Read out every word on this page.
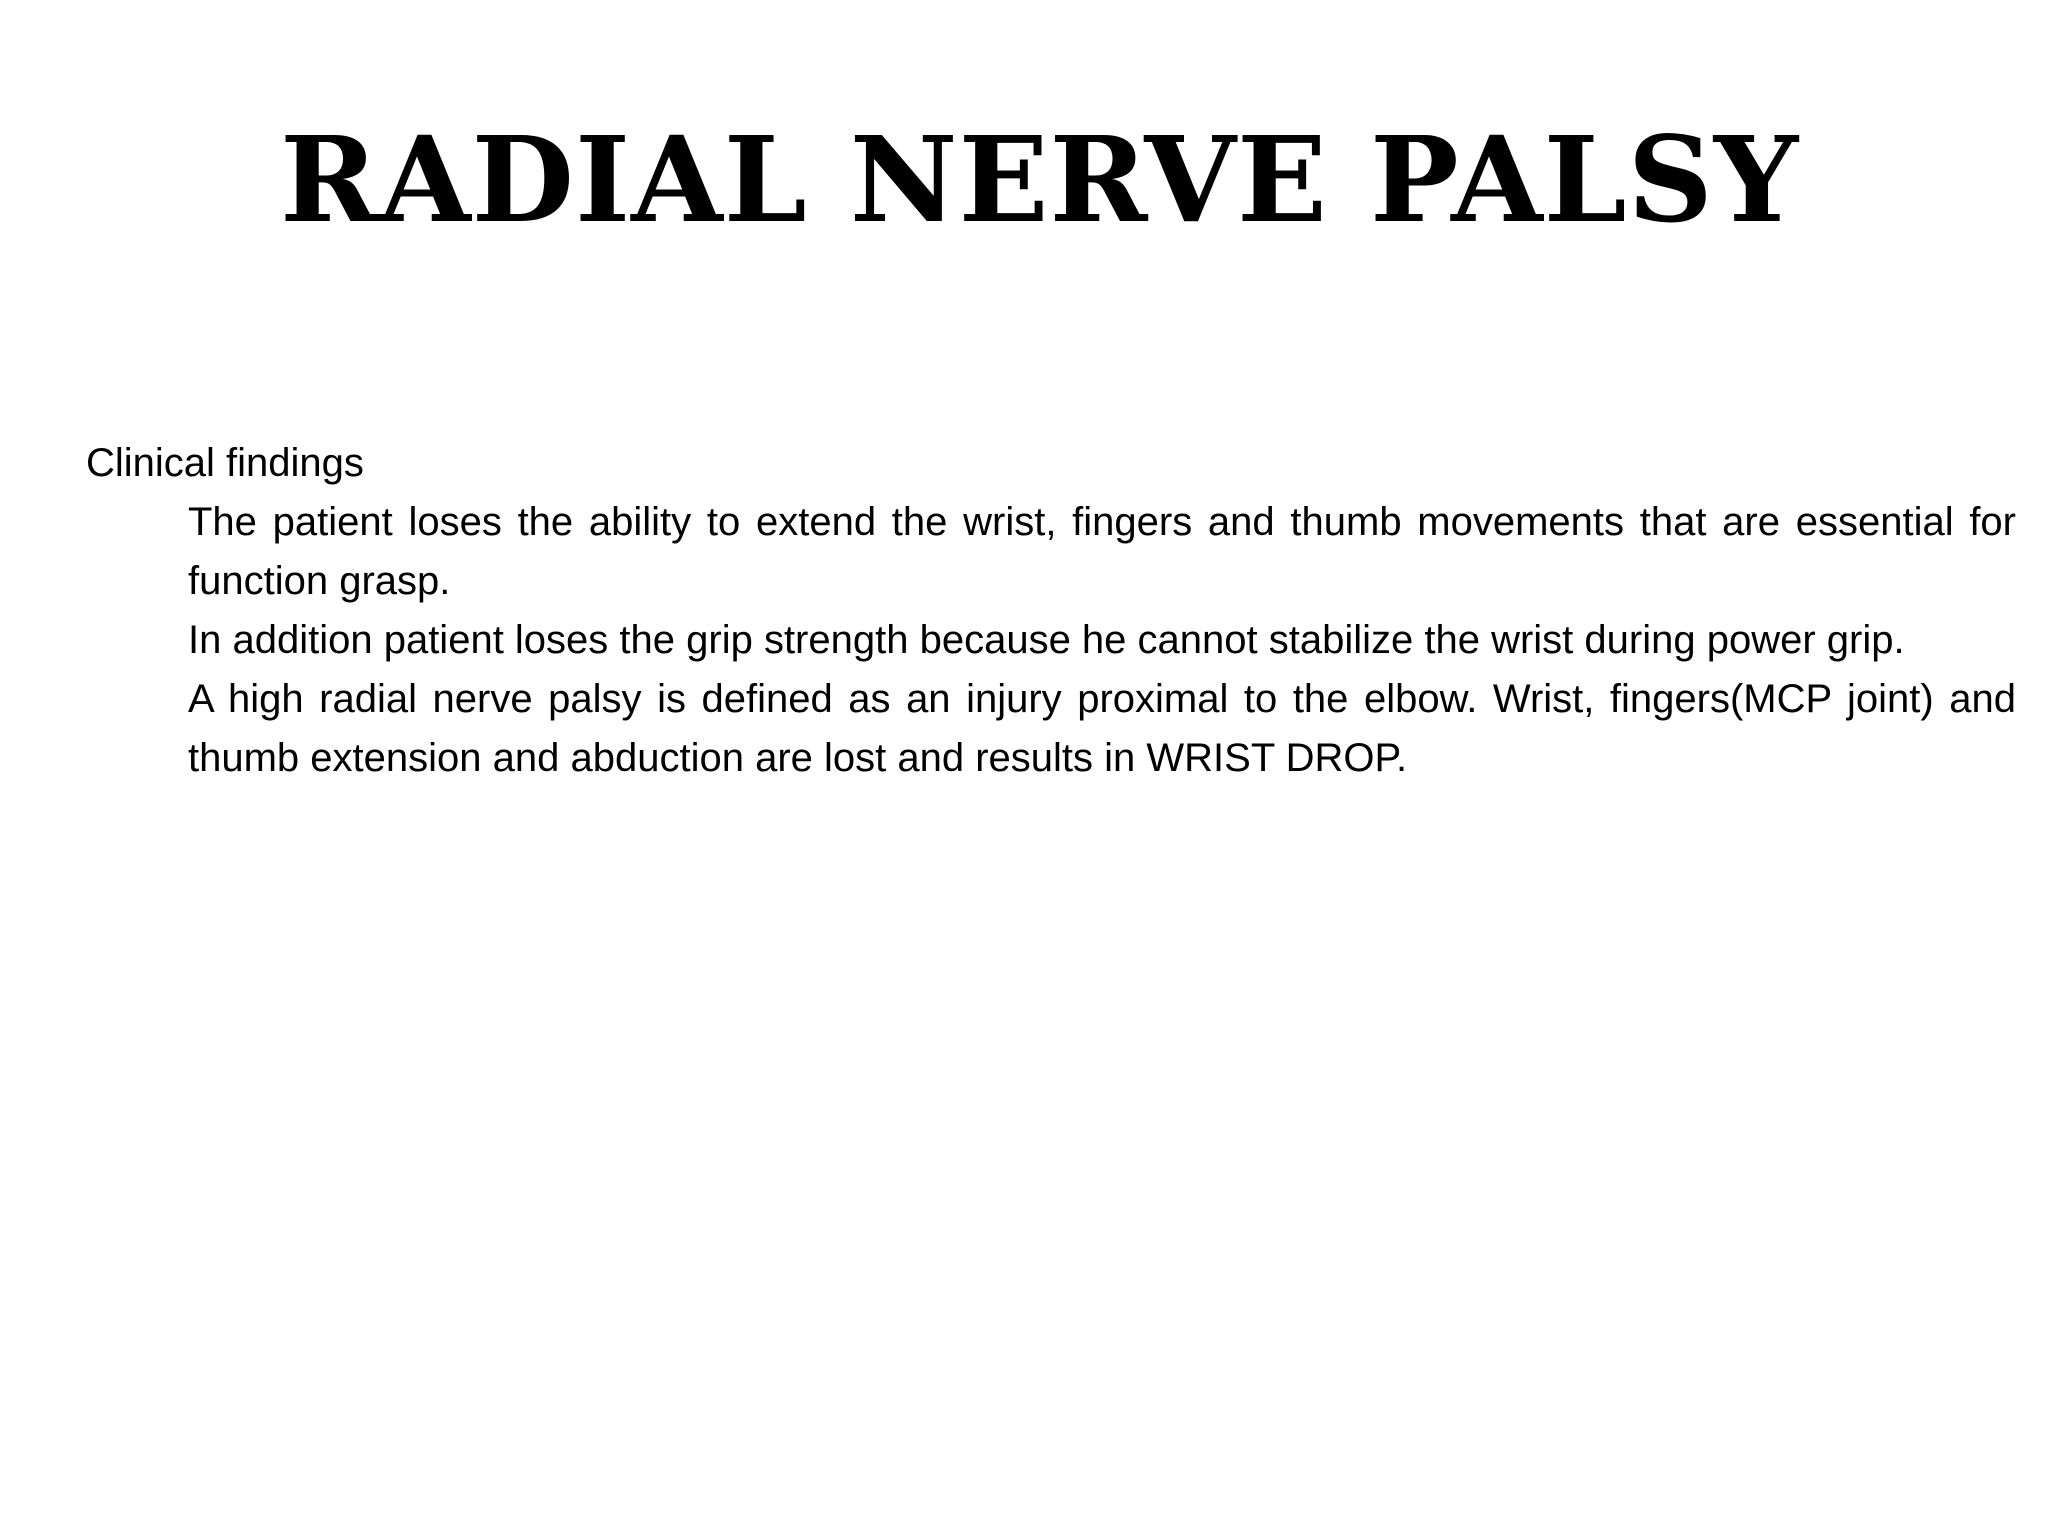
RADIAL NERVE PALSY

Clinical findings

The patient loses the ability to extend the wrist, fingers and thumb movements that are essential for function grasp.
In addition patient loses the grip strength because he cannot stabilize the wrist during power grip.
A high radial nerve palsy is defined as an injury proximal to the elbow. Wrist, fingers(MCP joint) and thumb extension and abduction are lost and results in WRIST DROP.
